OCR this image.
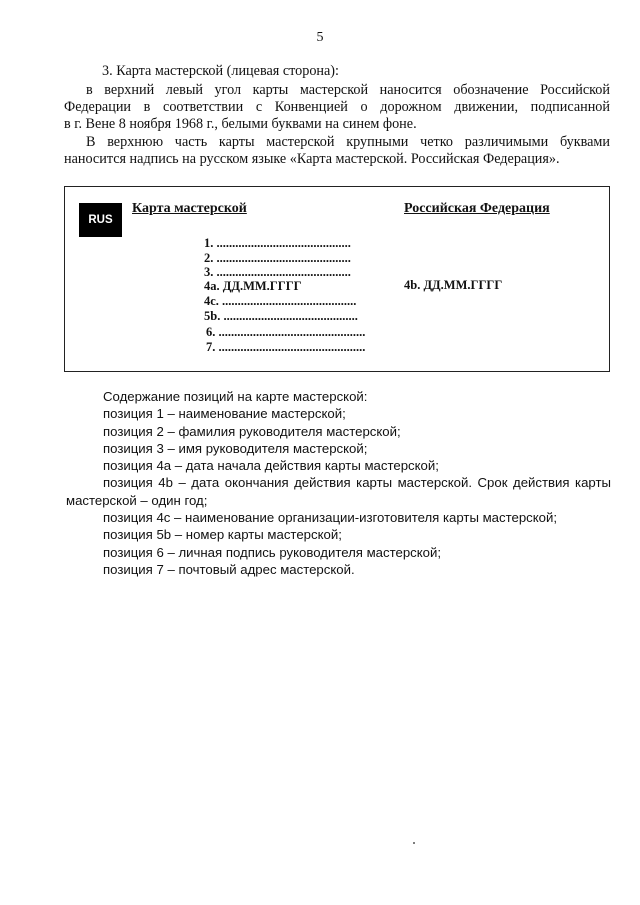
5

3. Карта мастерской (лицевая сторона):

в верхний левый угол карты мастерской наносится обозначение Российской

Федерации в соответствии с Конвенцией о дорожном движении, подписанной

в г. Вене 8 ноября 1968 г., белыми буквами на синем фоне.

В верхнюю часть карты мастерской крупными четко различимыми буквами

наносится надпись на русском языке «Карта мастерской. Российская Федерация».

RUS
Карта мастерской	Российская Федерация
1. ...........................................
2. ...........................................
3. ...........................................
4a. ДД.ММ.ГГГГ	4b. ДД.ММ.ГГГГ
4c. ...........................................
5b. ...........................................
6. ...............................................
7. ...............................................

Содержание позиций на карте мастерской:

позиция 1 – наименование мастерской;

позиция 2 – фамилия руководителя мастерской;

позиция 3 – имя руководителя мастерской;

позиция 4a – дата начала действия карты мастерской;

позиция 4b – дата окончания действия карты мастерской. Срок действия карты

мастерской – один год;

позиция 4c – наименование организации-изготовителя карты мастерской;

позиция 5b – номер карты мастерской;

позиция 6 – личная подпись руководителя мастерской;

позиция 7 – почтовый адрес мастерской.
